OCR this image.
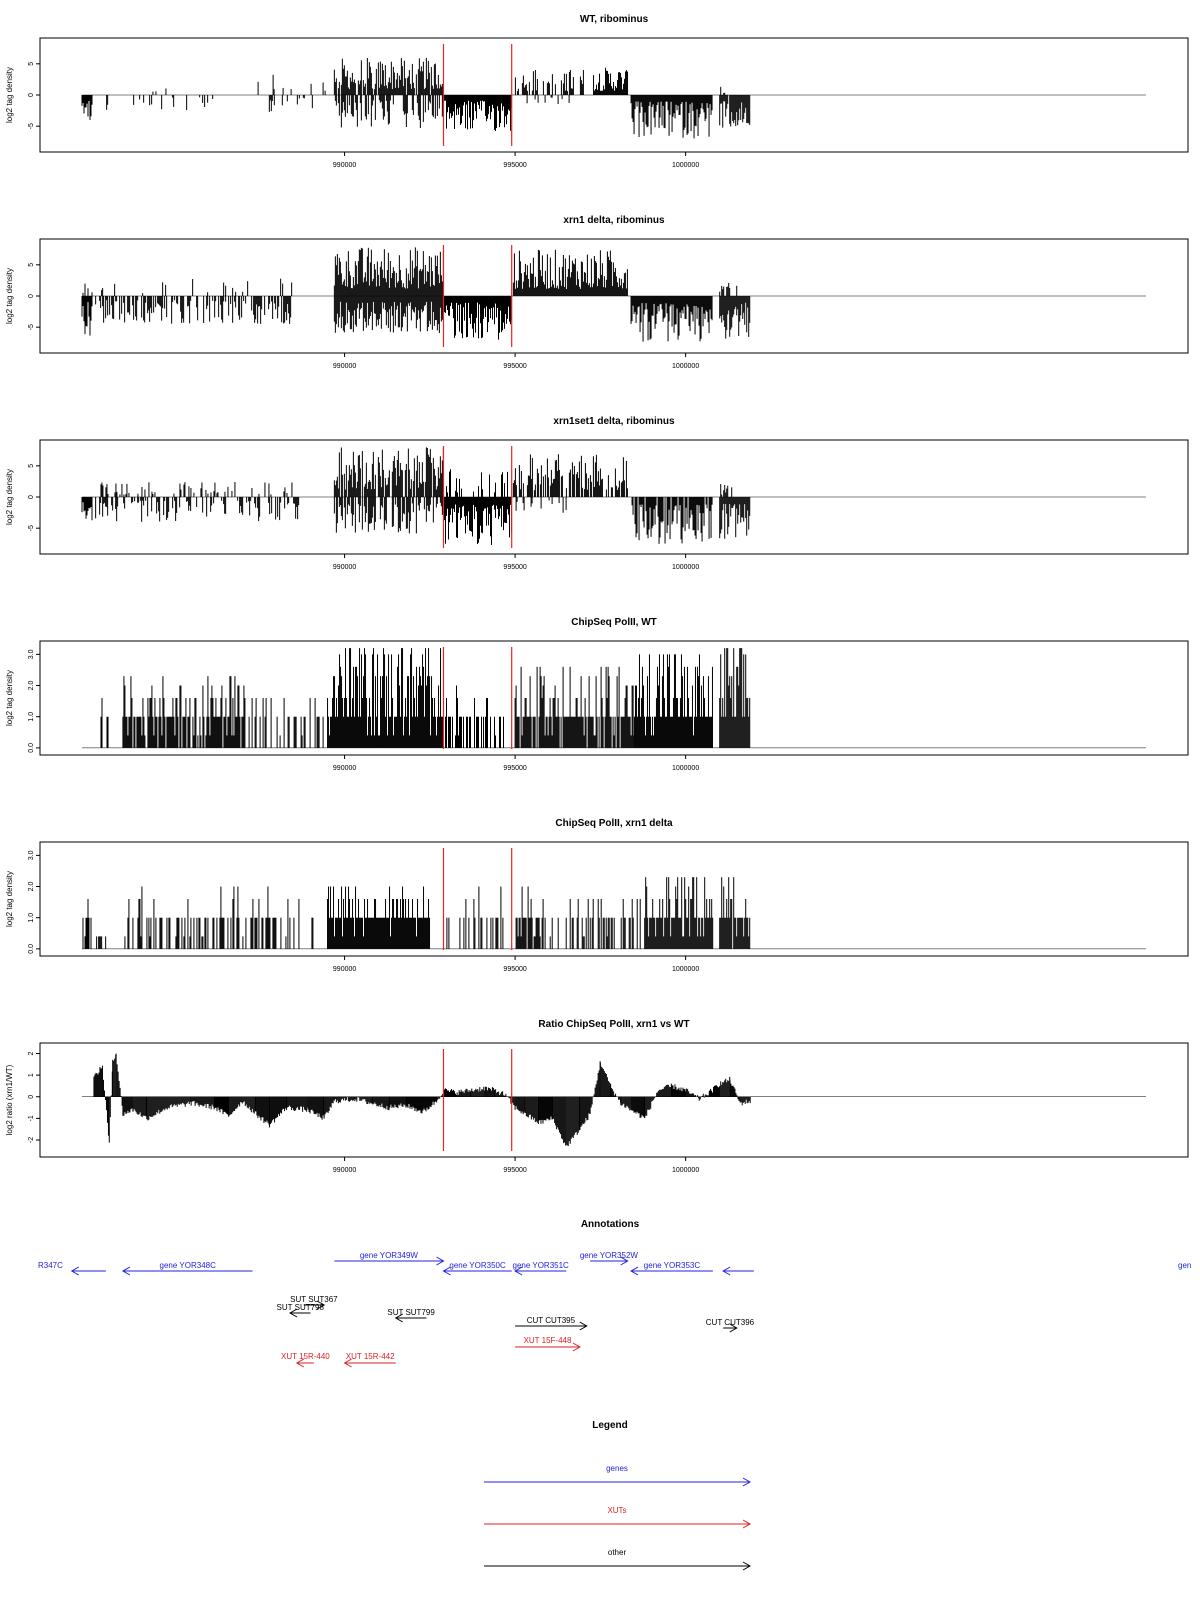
WT, ribominus
log2 tag density
-5
0
5
990000	995000	1000000
xrn1 delta, ribominus
log2 tag density
-5
0
5
990000	995000	1000000
xrn1set1 delta, ribominus
log2 tag density
-5
0
5
990000	995000	1000000
ChipSeq PolII, WT
log2 tag density
0.0
1.0
2.0
3.0
990000	995000	1000000
ChipSeq PolII, xrn1 delta
log2 tag density
0.0
1.0
2.0
3.0
990000	995000	1000000
Ratio ChipSeq PolII, xrn1 vs WT
log2 ratio (xrn1/WT)
-2
-1
0
1
2
990000	995000	1000000
Annotations
R347C	gene YOR348C
gene YOR349W
gene YOR350C gene YOR351C
gene YOR352W
gene YOR353C	gen
SUT SUT367
SUT SUT798
SUT SUT799
CUT CUT395	CUT CUT396
XUT 15R-440 XUT 15R-442
XUT 15F-448
Legend
genes
XUTs
other
